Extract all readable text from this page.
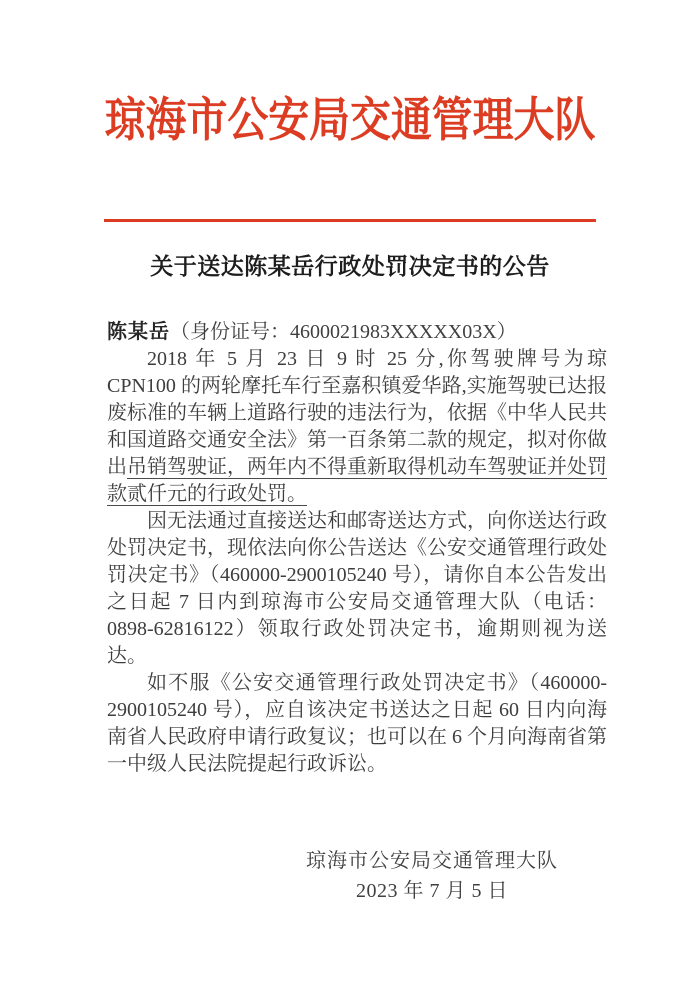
琼海市公安局交通管理大队
关于送达陈某岳行政处罚决定书的公告

陈某岳（身份证号：4600021983XXXXX03X）

2018 年 5 月 23 日 9 时 25 分,你驾驶牌号为琼 CPN100 的两轮摩托车行至嘉积镇爱华路,实施驾驶已达报废标准的车辆上道路行驶的违法行为，依据《中华人民共和国道路交通安全法》第一百条第二款的规定，拟对你做出吊销驾驶证，两年内不得重新取得机动车驾驶证并处罚款贰仟元的行政处罚。

因无法通过直接送达和邮寄送达方式，向你送达行政处罚决定书，现依法向你公告送达《公安交通管理行政处罚决定书》（460000-2900105240 号），请你自本公告发出之日起 7 日内到琼海市公安局交通管理大队（电话：0898-62816122）领取行政处罚决定书，逾期则视为送达。

如不服《公安交通管理行政处罚决定书》（460000-2900105240 号），应自该决定书送达之日起 60 日内向海南省人民政府申请行政复议；也可以在 6 个月向海南省第一中级人民法院提起行政诉讼。

琼海市公安局交通管理大队
2023 年 7 月 5 日
